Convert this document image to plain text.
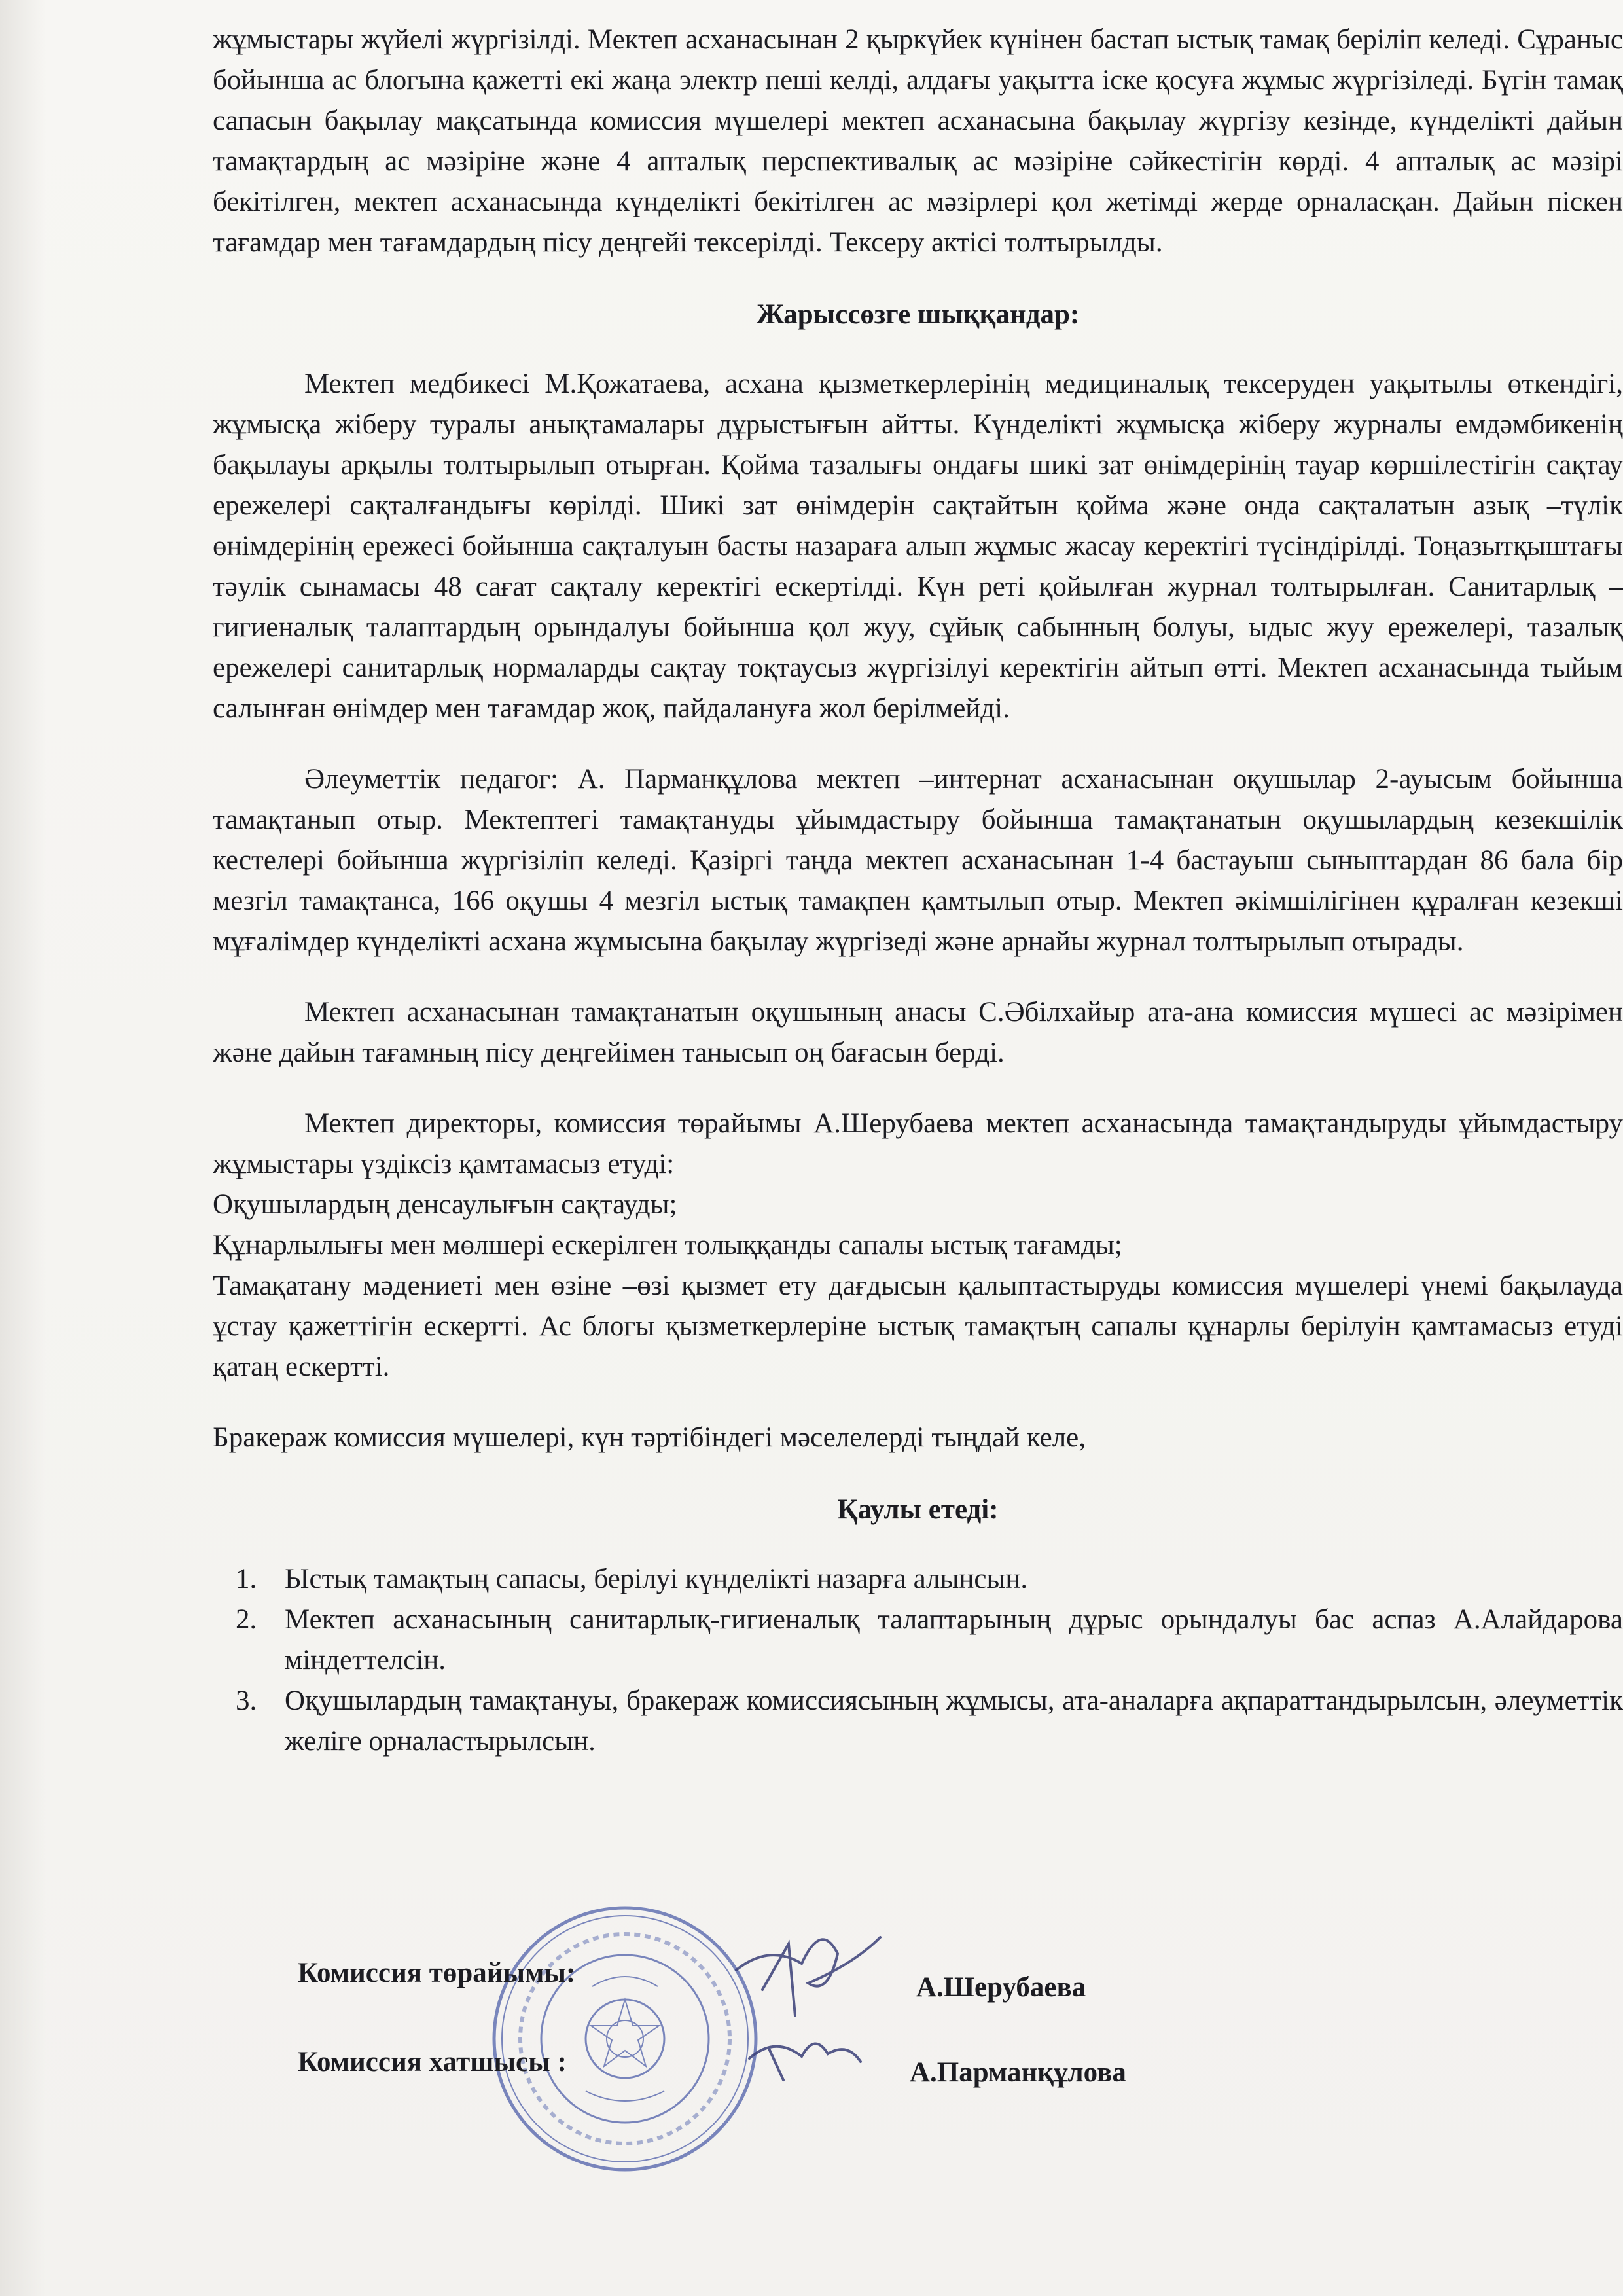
жұмыстары жүйелі жүргізілді. Мектеп асханасынан 2 қыркүйек күнінен бастап ыстық тамақ беріліп келеді. Сұраныс бойынша ас блогына қажетті екі жаңа электр пеші келді, алдағы уақытта іске қосуға жұмыс жүргізіледі. Бүгін тамақ сапасын бақылау мақсатында комиссия мүшелері мектеп асханасына бақылау жүргізу кезінде, күнделікті дайын тамақтардың ас мәзіріне және 4 апталық перспективалық ас мәзіріне сәйкестігін көрді. 4 апталық ас мәзірі бекітілген, мектеп асханасында күнделікті бекітілген ас мәзірлері қол жетімді жерде орналасқан. Дайын піскен тағамдар мен тағамдардың пісу деңгейі тексерілді. Тексеру актісі толтырылды.

Жарыссөзге шыққандар:

Мектеп медбикесі М.Қожатаева, асхана қызметкерлерінің медициналық тексеруден уақытылы өткендігі, жұмысқа жіберу туралы анықтамалары дұрыстығын айтты. Күнделікті жұмысқа жіберу журналы емдәмбикенің бақылауы арқылы толтырылып отырған. Қойма тазалығы ондағы шикі зат өнімдерінің тауар көршілестігін сақтау ережелері сақталғандығы көрілді. Шикі зат өнімдерін сақтайтын қойма және онда сақталатын азық –түлік өнімдерінің ережесі бойынша сақталуын басты назараға алып жұмыс жасау керектігі түсіндірілді. Тоңазытқыштағы тәулік сынамасы 48 сағат сақталу керектігі ескертілді. Күн реті қойылған журнал толтырылған. Санитарлық –гигиеналық талаптардың орындалуы бойынша қол жуу, сұйық сабынның болуы, ыдыс жуу ережелері, тазалық ережелері санитарлық нормаларды сақтау тоқтаусыз жүргізілуі керектігін айтып өтті. Мектеп асханасында тыйым салынған өнімдер мен тағамдар жоқ, пайдалануға жол берілмейді.

Әлеуметтік педагог: А. Парманқұлова мектеп –интернат асханасынан оқушылар 2-ауысым бойынша тамақтанып отыр. Мектептегі тамақтануды ұйымдастыру бойынша тамақтанатын оқушылардың кезекшілік кестелері бойынша жүргізіліп келеді. Қазіргі таңда мектеп асханасынан 1-4 бастауыш сыныптардан 86 бала бір мезгіл тамақтанса, 166 оқушы 4 мезгіл ыстық тамақпен қамтылып отыр. Мектеп әкімшілігінен құралған кезекші мұғалімдер күнделікті асхана жұмысына бақылау жүргізеді және арнайы журнал толтырылып отырады.

Мектеп асханасынан тамақтанатын оқушының анасы С.Әбілхайыр ата-ана комиссия мүшесі ас мәзірімен және дайын тағамның пісу деңгейімен танысып оң бағасын берді.

Мектеп директоры, комиссия төрайымы А.Шерубаева мектеп асханасында тамақтандыруды ұйымдастыру жұмыстары үздіксіз қамтамасыз етуді:

Оқушылардың денсаулығын сақтауды;

Құнарлылығы мен мөлшері ескерілген толыққанды сапалы ыстық тағамды;

Тамақатану мәдениеті мен өзіне –өзі қызмет ету дағдысын қалыптастыруды комиссия мүшелері үнемі бақылауда ұстау қажеттігін ескертті. Ас блогы қызметкерлеріне ыстық тамақтың сапалы құнарлы берілуін қамтамасыз етуді қатаң ескертті.

Бракераж комиссия мүшелері, күн тәртібіндегі мәселелерді тыңдай келе,

Қаулы етеді:

1. Ыстық тамақтың сапасы, берілуі күнделікті назарға алынсын.
2. Мектеп асханасының санитарлық-гигиеналық талаптарының дұрыс орындалуы бас аспаз А.Алайдарова міндеттелсін.
3. Оқушылардың тамақтануы, бракераж комиссиясының жұмысы, ата-аналарға ақпараттандырылсын, әлеуметтік желіге орналастырылсын.
Комиссия төрайымы:	А.Шерубаева
Комиссия хатшысы :	А.Парманқұлова
